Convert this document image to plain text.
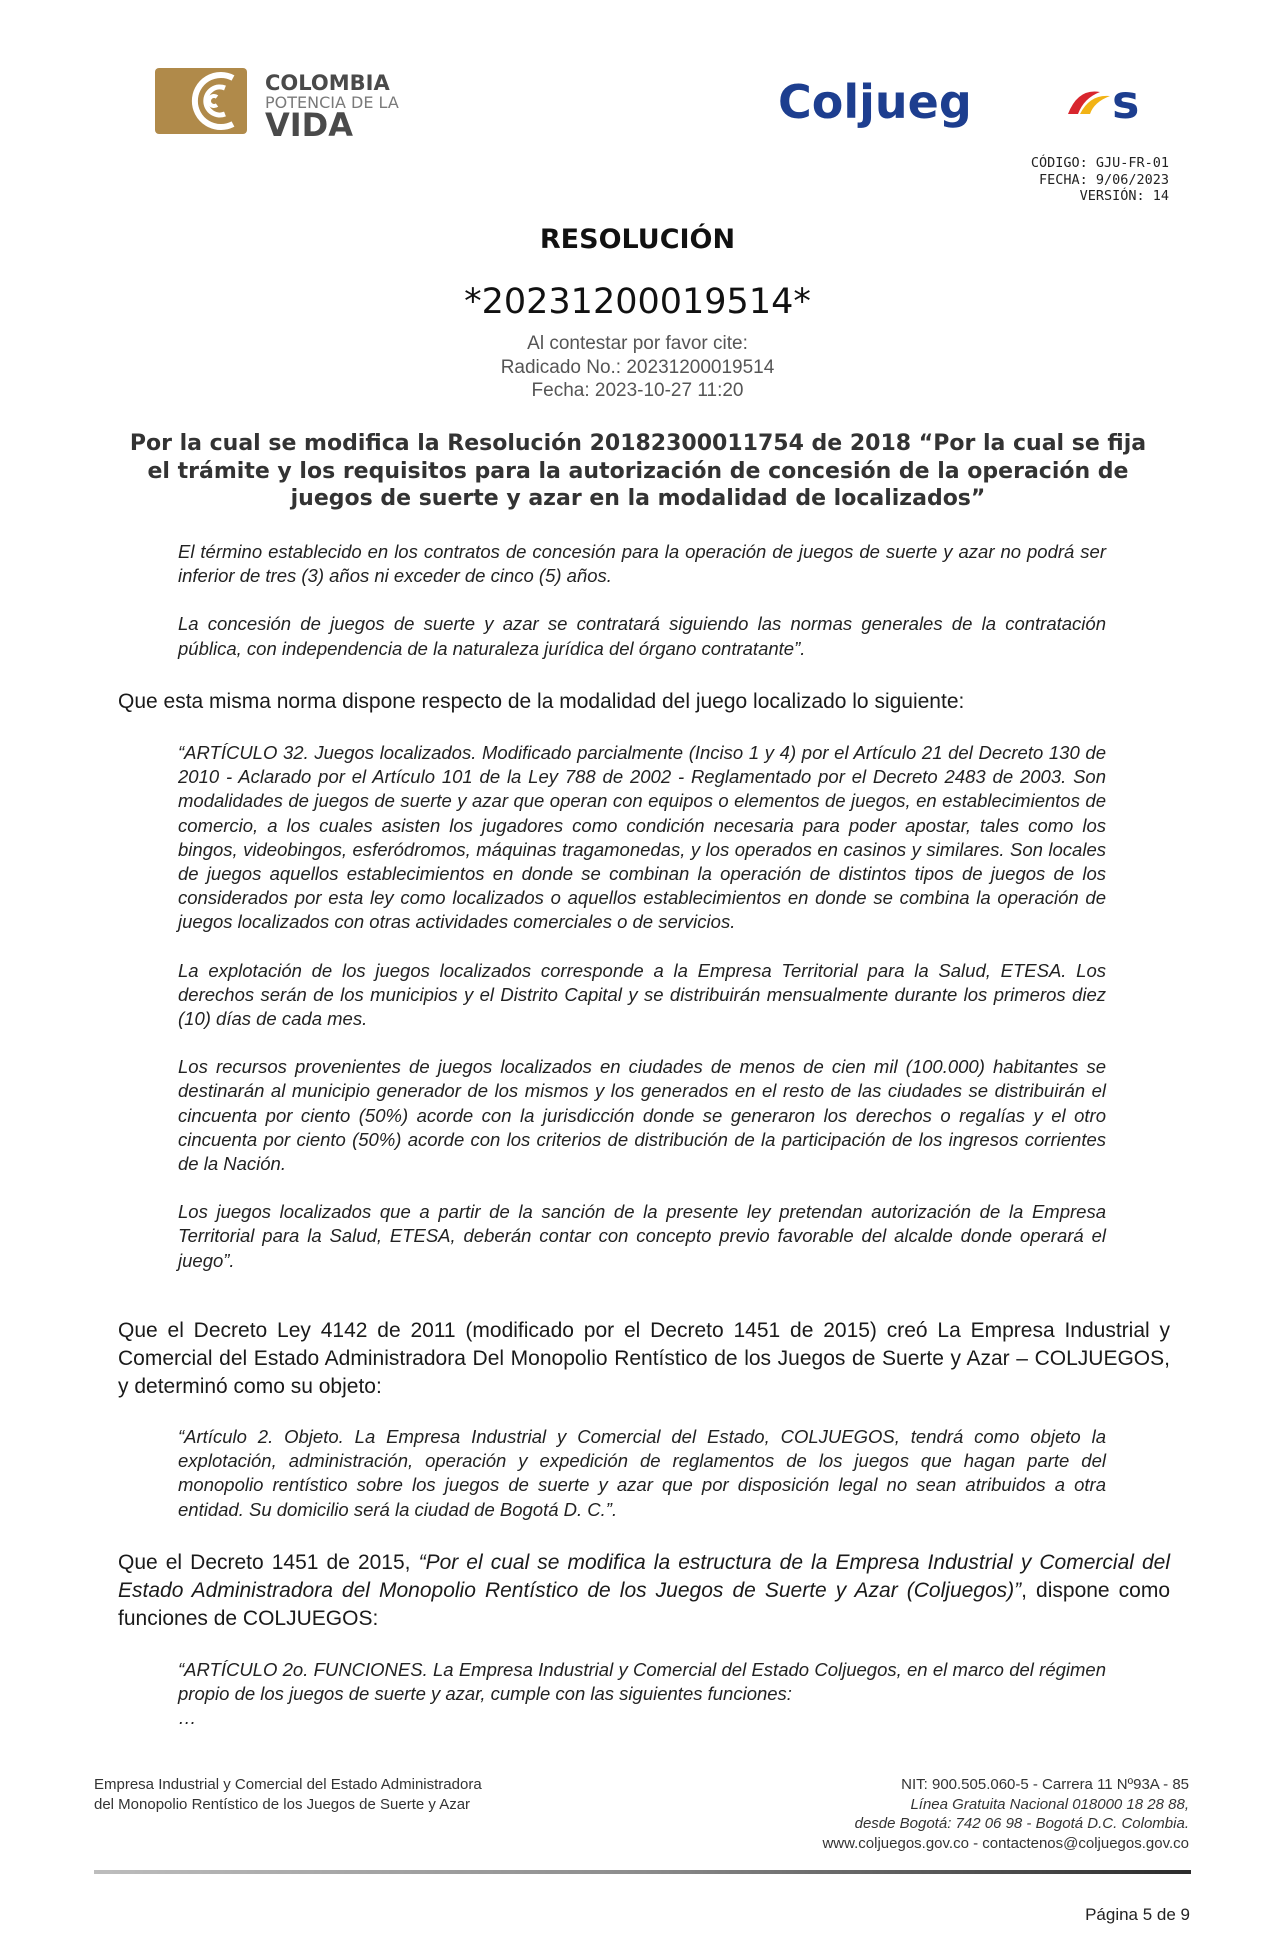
COLOMBIA
POTENCIA DE LA
VIDA	Coljueg	s
CÓDIGO: GJU-FR-01
FECHA: 9/06/2023
VERSIÓN: 14
RESOLUCIÓN
*20231200019514*
Al contestar por favor cite:
Radicado No.: 20231200019514
Fecha: 2023-10-27 11:20
Por la cual se modifica la Resolución 20182300011754 de 2018 “Por la cual se fija el trámite y los requisitos para la autorización de concesión de la operación de juegos de suerte y azar en la modalidad de localizados”

El término establecido en los contratos de concesión para la operación de juegos de suerte y azar no podrá ser inferior de tres (3) años ni exceder de cinco (5) años.

La concesión de juegos de suerte y azar se contratará siguiendo las normas generales de la contratación pública, con independencia de la naturaleza jurídica del órgano contratante”.

Que esta misma norma dispone respecto de la modalidad del juego localizado lo siguiente:

“ARTÍCULO 32. Juegos localizados. Modificado parcialmente (Inciso 1 y 4) por el Artículo 21 del Decreto 130 de 2010 - Aclarado por el Artículo 101 de la Ley 788 de 2002 - Reglamentado por el Decreto 2483 de 2003. Son modalidades de juegos de suerte y azar que operan con equipos o elementos de juegos, en establecimientos de comercio, a los cuales asisten los jugadores como condición necesaria para poder apostar, tales como los bingos, videobingos, esferódromos, máquinas tragamonedas, y los operados en casinos y similares. Son locales de juegos aquellos establecimientos en donde se combinan la operación de distintos tipos de juegos de los considerados por esta ley como localizados o aquellos establecimientos en donde se combina la operación de juegos localizados con otras actividades comerciales o de servicios.

La explotación de los juegos localizados corresponde a la Empresa Territorial para la Salud, ETESA. Los derechos serán de los municipios y el Distrito Capital y se distribuirán mensualmente durante los primeros diez (10) días de cada mes.

Los recursos provenientes de juegos localizados en ciudades de menos de cien mil (100.000) habitantes se destinarán al municipio generador de los mismos y los generados en el resto de las ciudades se distribuirán el cincuenta por ciento (50%) acorde con la jurisdicción donde se generaron los derechos o regalías y el otro cincuenta por ciento (50%) acorde con los criterios de distribución de la participación de los ingresos corrientes de la Nación.

Los juegos localizados que a partir de la sanción de la presente ley pretendan autorización de la Empresa Territorial para la Salud, ETESA, deberán contar con concepto previo favorable del alcalde donde operará el juego”.

Que el Decreto Ley 4142 de 2011 (modificado por el Decreto 1451 de 2015) creó La Empresa Industrial y Comercial del Estado Administradora Del Monopolio Rentístico de los Juegos de Suerte y Azar – COLJUEGOS, y determinó como su objeto:

“Artículo 2. Objeto. La Empresa Industrial y Comercial del Estado, COLJUEGOS, tendrá como objeto la explotación, administración, operación y expedición de reglamentos de los juegos que hagan parte del monopolio rentístico sobre los juegos de suerte y azar que por disposición legal no sean atribuidos a otra entidad. Su domicilio será la ciudad de Bogotá D. C.”.

Que el Decreto 1451 de 2015, “Por el cual se modifica la estructura de la Empresa Industrial y Comercial del Estado Administradora del Monopolio Rentístico de los Juegos de Suerte y Azar (Coljuegos)”, dispone como funciones de COLJUEGOS:

“ARTÍCULO 2o. FUNCIONES. La Empresa Industrial y Comercial del Estado Coljuegos, en el marco del régimen propio de los juegos de suerte y azar, cumple con las siguientes funciones:

…

Empresa Industrial y Comercial del Estado Administradora
del Monopolio Rentístico de los Juegos de Suerte y Azar
NIT: 900.505.060-5 - Carrera 11 Nº93A - 85
Línea Gratuita Nacional 018000 18 28 88,
desde Bogotá: 742 06 98 - Bogotá D.C. Colombia.
www.coljuegos.gov.co - contactenos@coljuegos.gov.co
Página 5 de 9
